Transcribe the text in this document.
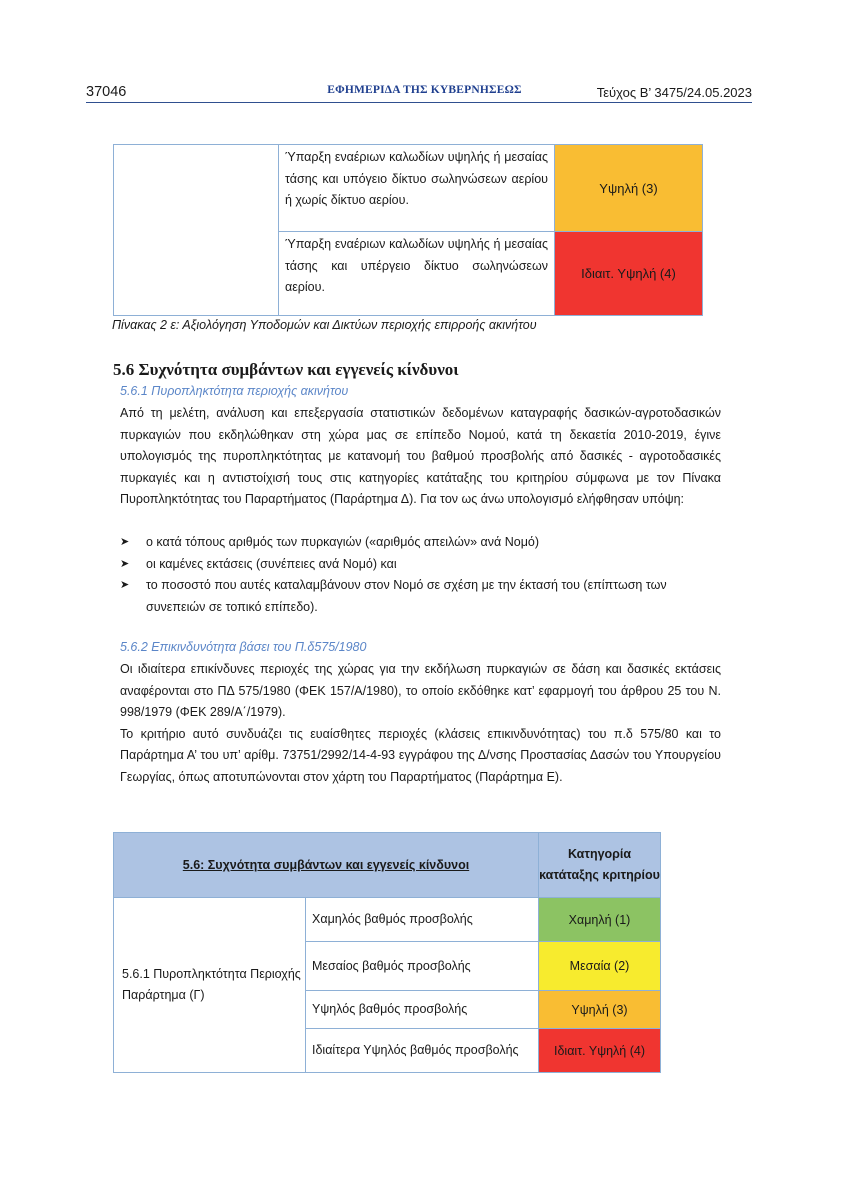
37046	ΕΦΗΜΕΡΙΔΑ ΤΗΣ ΚΥΒΕΡΝΗΣΕΩΣ	Τεύχος Β’ 3475/24.05.2023
	Ύπαρξη εναέριων καλωδίων υψηλής ή μεσαίας τάσης και υπόγειο δίκτυο σωληνώσεων αερίου ή χωρίς δίκτυο αερίου.	Υψηλή (3)
	Ύπαρξη εναέριων καλωδίων υψηλής ή μεσαίας τάσης και υπέργειο δίκτυο σωληνώσεων αερίου.	Ιδιαιτ. Υψηλή (4)
Πίνακας 2 ε: Αξιολόγηση Υποδομών και Δικτύων περιοχής επιρροής ακινήτου
5.6 Συχνότητα συμβάντων και εγγενείς κίνδυνοι
5.6.1 Πυροπληκτότητα περιοχής ακινήτου

Από τη μελέτη, ανάλυση και επεξεργασία στατιστικών δεδομένων καταγραφής δασικών-αγροτοδασικών πυρκαγιών που εκδηλώθηκαν στη χώρα μας σε επίπεδο Νομού, κατά τη δεκαετία 2010-2019, έγινε υπολογισμός της πυροπληκτότητας με κατανομή του βαθμού προσβολής από δασικές - αγροτοδασικές πυρκαγιές και η αντιστοίχισή τους στις κατηγορίες κατάταξης του κριτηρίου σύμφωνα με τον Πίνακα Πυροπληκτότητας του Παραρτήματος (Παράρτημα Δ). Για τον ως άνω υπολογισμό ελήφθησαν υπόψη:

➤ ο κατά τόπους αριθμός των πυρκαγιών («αριθμός απειλών» ανά Νομό)
➤ οι καμένες εκτάσεις (συνέπειες ανά Νομό) και
➤ το ποσοστό που αυτές καταλαμβάνουν στον Νομό σε σχέση με την έκτασή του (επίπτωση των συνεπειών σε τοπικό επίπεδο).
5.6.2 Επικινδυνότητα βάσει του Π.δ575/1980

Οι ιδιαίτερα επικίνδυνες περιοχές της χώρας για την εκδήλωση πυρκαγιών σε δάση και δασικές εκτάσεις αναφέρονται στο ΠΔ 575/1980 (ΦΕΚ 157/Α/1980), το οποίο εκδόθηκε κατ’ εφαρμογή του άρθρου 25 του Ν. 998/1979 (ΦΕΚ 289/Α΄/1979).

Το κριτήριο αυτό συνδυάζει τις ευαίσθητες περιοχές (κλάσεις επικινδυνότητας) του π.δ 575/80 και το Παράρτημα Α’ του υπ’ αρίθμ. 73751/2992/14-4-93 εγγράφου της Δ/νσης Προστασίας Δασών του Υπουργείου Γεωργίας, όπως αποτυπώνονται στον χάρτη του Παραρτήματος (Παράρτημα Ε).

5.6: Συχνότητα συμβάντων και εγγενείς κίνδυνοι		Κατηγορία κατάταξης κριτηρίου
5.6.1 Πυροπληκτότητα Περιοχής Παράρτημα (Γ)	Χαμηλός βαθμός προσβολής	Χαμηλή (1)
	Μεσαίος βαθμός προσβολής	Μεσαία (2)
	Υψηλός βαθμός προσβολής	Υψηλή (3)
	Ιδιαίτερα Υψηλός βαθμός προσβολής	Ιδιαιτ. Υψηλή (4)
